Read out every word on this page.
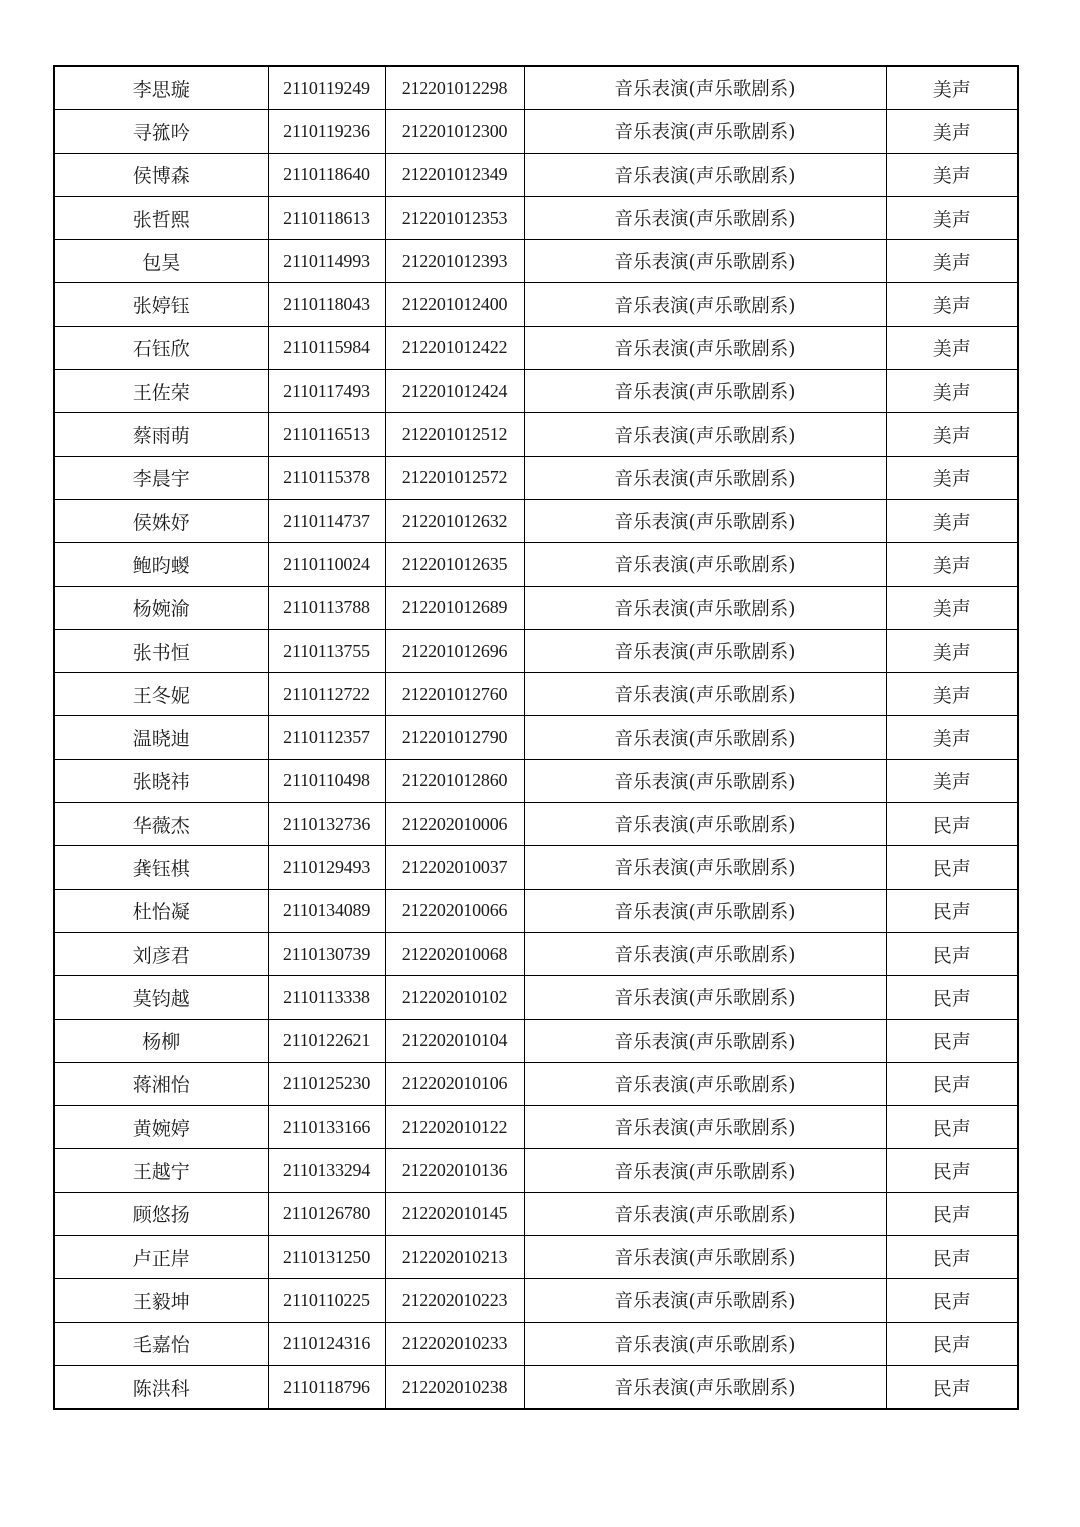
李思璇	2110119249	212201012298	音乐表演(声乐歌剧系)	美声
寻箛吟	2110119236	212201012300	音乐表演(声乐歌剧系)	美声
侯博森	2110118640	212201012349	音乐表演(声乐歌剧系)	美声
张哲熙	2110118613	212201012353	音乐表演(声乐歌剧系)	美声
包昊	2110114993	212201012393	音乐表演(声乐歌剧系)	美声
张婷钰	2110118043	212201012400	音乐表演(声乐歌剧系)	美声
石钰欣	2110115984	212201012422	音乐表演(声乐歌剧系)	美声
王佐荣	2110117493	212201012424	音乐表演(声乐歌剧系)	美声
蔡雨萌	2110116513	212201012512	音乐表演(声乐歌剧系)	美声
李晨宇	2110115378	212201012572	音乐表演(声乐歌剧系)	美声
侯姝妤	2110114737	212201012632	音乐表演(声乐歌剧系)	美声
鲍昀蝬	2110110024	212201012635	音乐表演(声乐歌剧系)	美声
杨婉渝	2110113788	212201012689	音乐表演(声乐歌剧系)	美声
张书恒	2110113755	212201012696	音乐表演(声乐歌剧系)	美声
王冬妮	2110112722	212201012760	音乐表演(声乐歌剧系)	美声
温晓迪	2110112357	212201012790	音乐表演(声乐歌剧系)	美声
张晓祎	2110110498	212201012860	音乐表演(声乐歌剧系)	美声
华薇杰	2110132736	212202010006	音乐表演(声乐歌剧系)	民声
龚钰棋	2110129493	212202010037	音乐表演(声乐歌剧系)	民声
杜怡凝	2110134089	212202010066	音乐表演(声乐歌剧系)	民声
刘彦君	2110130739	212202010068	音乐表演(声乐歌剧系)	民声
莫钧越	2110113338	212202010102	音乐表演(声乐歌剧系)	民声
杨柳	2110122621	212202010104	音乐表演(声乐歌剧系)	民声
蒋湘怡	2110125230	212202010106	音乐表演(声乐歌剧系)	民声
黄婉婷	2110133166	212202010122	音乐表演(声乐歌剧系)	民声
王越宁	2110133294	212202010136	音乐表演(声乐歌剧系)	民声
顾悠扬	2110126780	212202010145	音乐表演(声乐歌剧系)	民声
卢正岸	2110131250	212202010213	音乐表演(声乐歌剧系)	民声
王毅坤	2110110225	212202010223	音乐表演(声乐歌剧系)	民声
毛嘉怡	2110124316	212202010233	音乐表演(声乐歌剧系)	民声
陈洪科	2110118796	212202010238	音乐表演(声乐歌剧系)	民声
